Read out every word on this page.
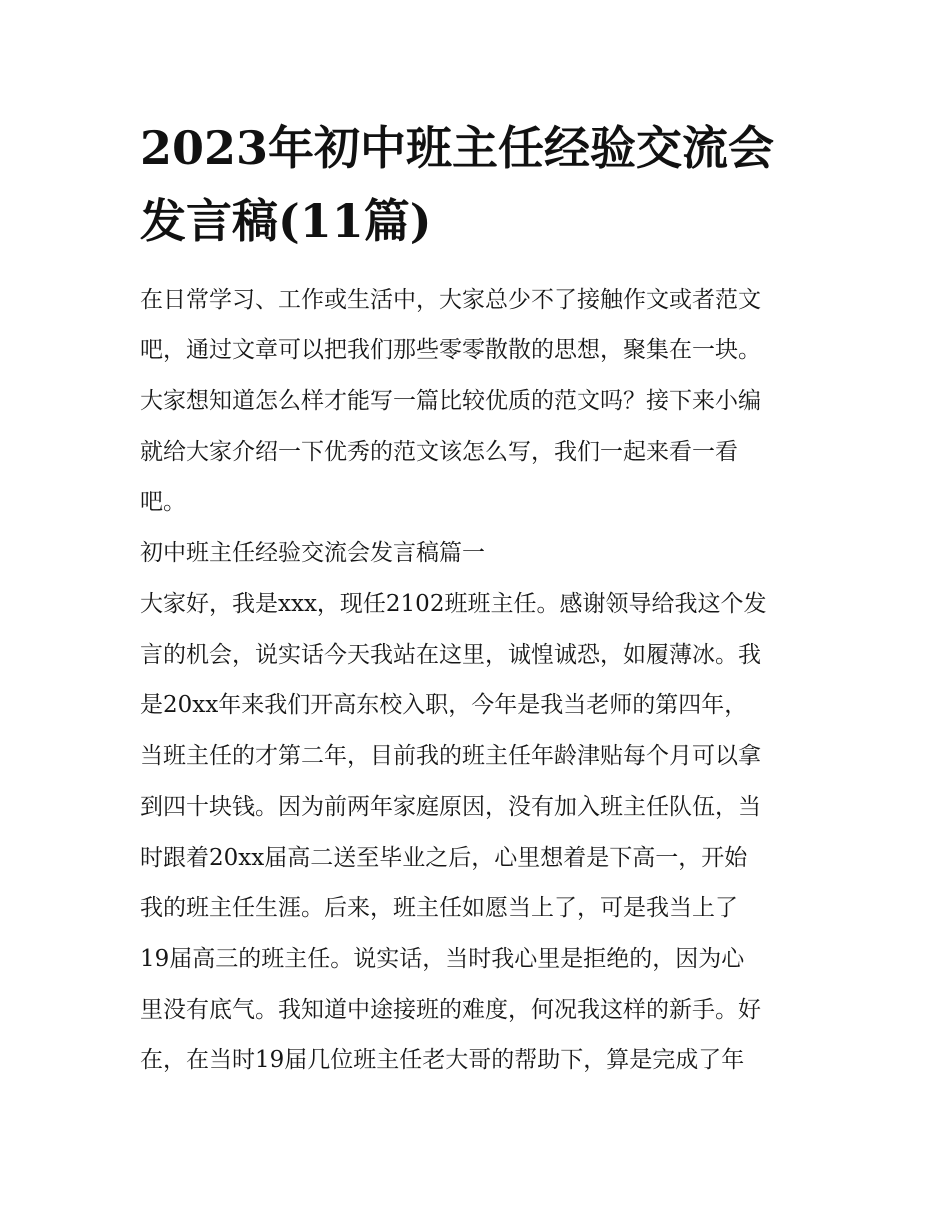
2023年初中班主任经验交流会发言稿(11篇)

在日常学习、工作或生活中，大家总少不了接触作文或者范文

吧，通过文章可以把我们那些零零散散的思想，聚集在一块。

大家想知道怎么样才能写一篇比较优质的范文吗？接下来小编

就给大家介绍一下优秀的范文该怎么写，我们一起来看一看

吧。

初中班主任经验交流会发言稿篇一

大家好，我是xxx，现任2102班班主任。感谢领导给我这个发

言的机会，说实话今天我站在这里，诚惶诚恐，如履薄冰。我

是20xx年来我们开高东校入职，今年是我当老师的第四年，

当班主任的才第二年，目前我的班主任年龄津贴每个月可以拿

到四十块钱。因为前两年家庭原因，没有加入班主任队伍，当

时跟着20xx届高二送至毕业之后，心里想着是下高一，开始

我的班主任生涯。后来，班主任如愿当上了，可是我当上了

19届高三的班主任。说实话，当时我心里是拒绝的，因为心

里没有底气。我知道中途接班的难度，何况我这样的新手。好

在，在当时19届几位班主任老大哥的帮助下，算是完成了年
